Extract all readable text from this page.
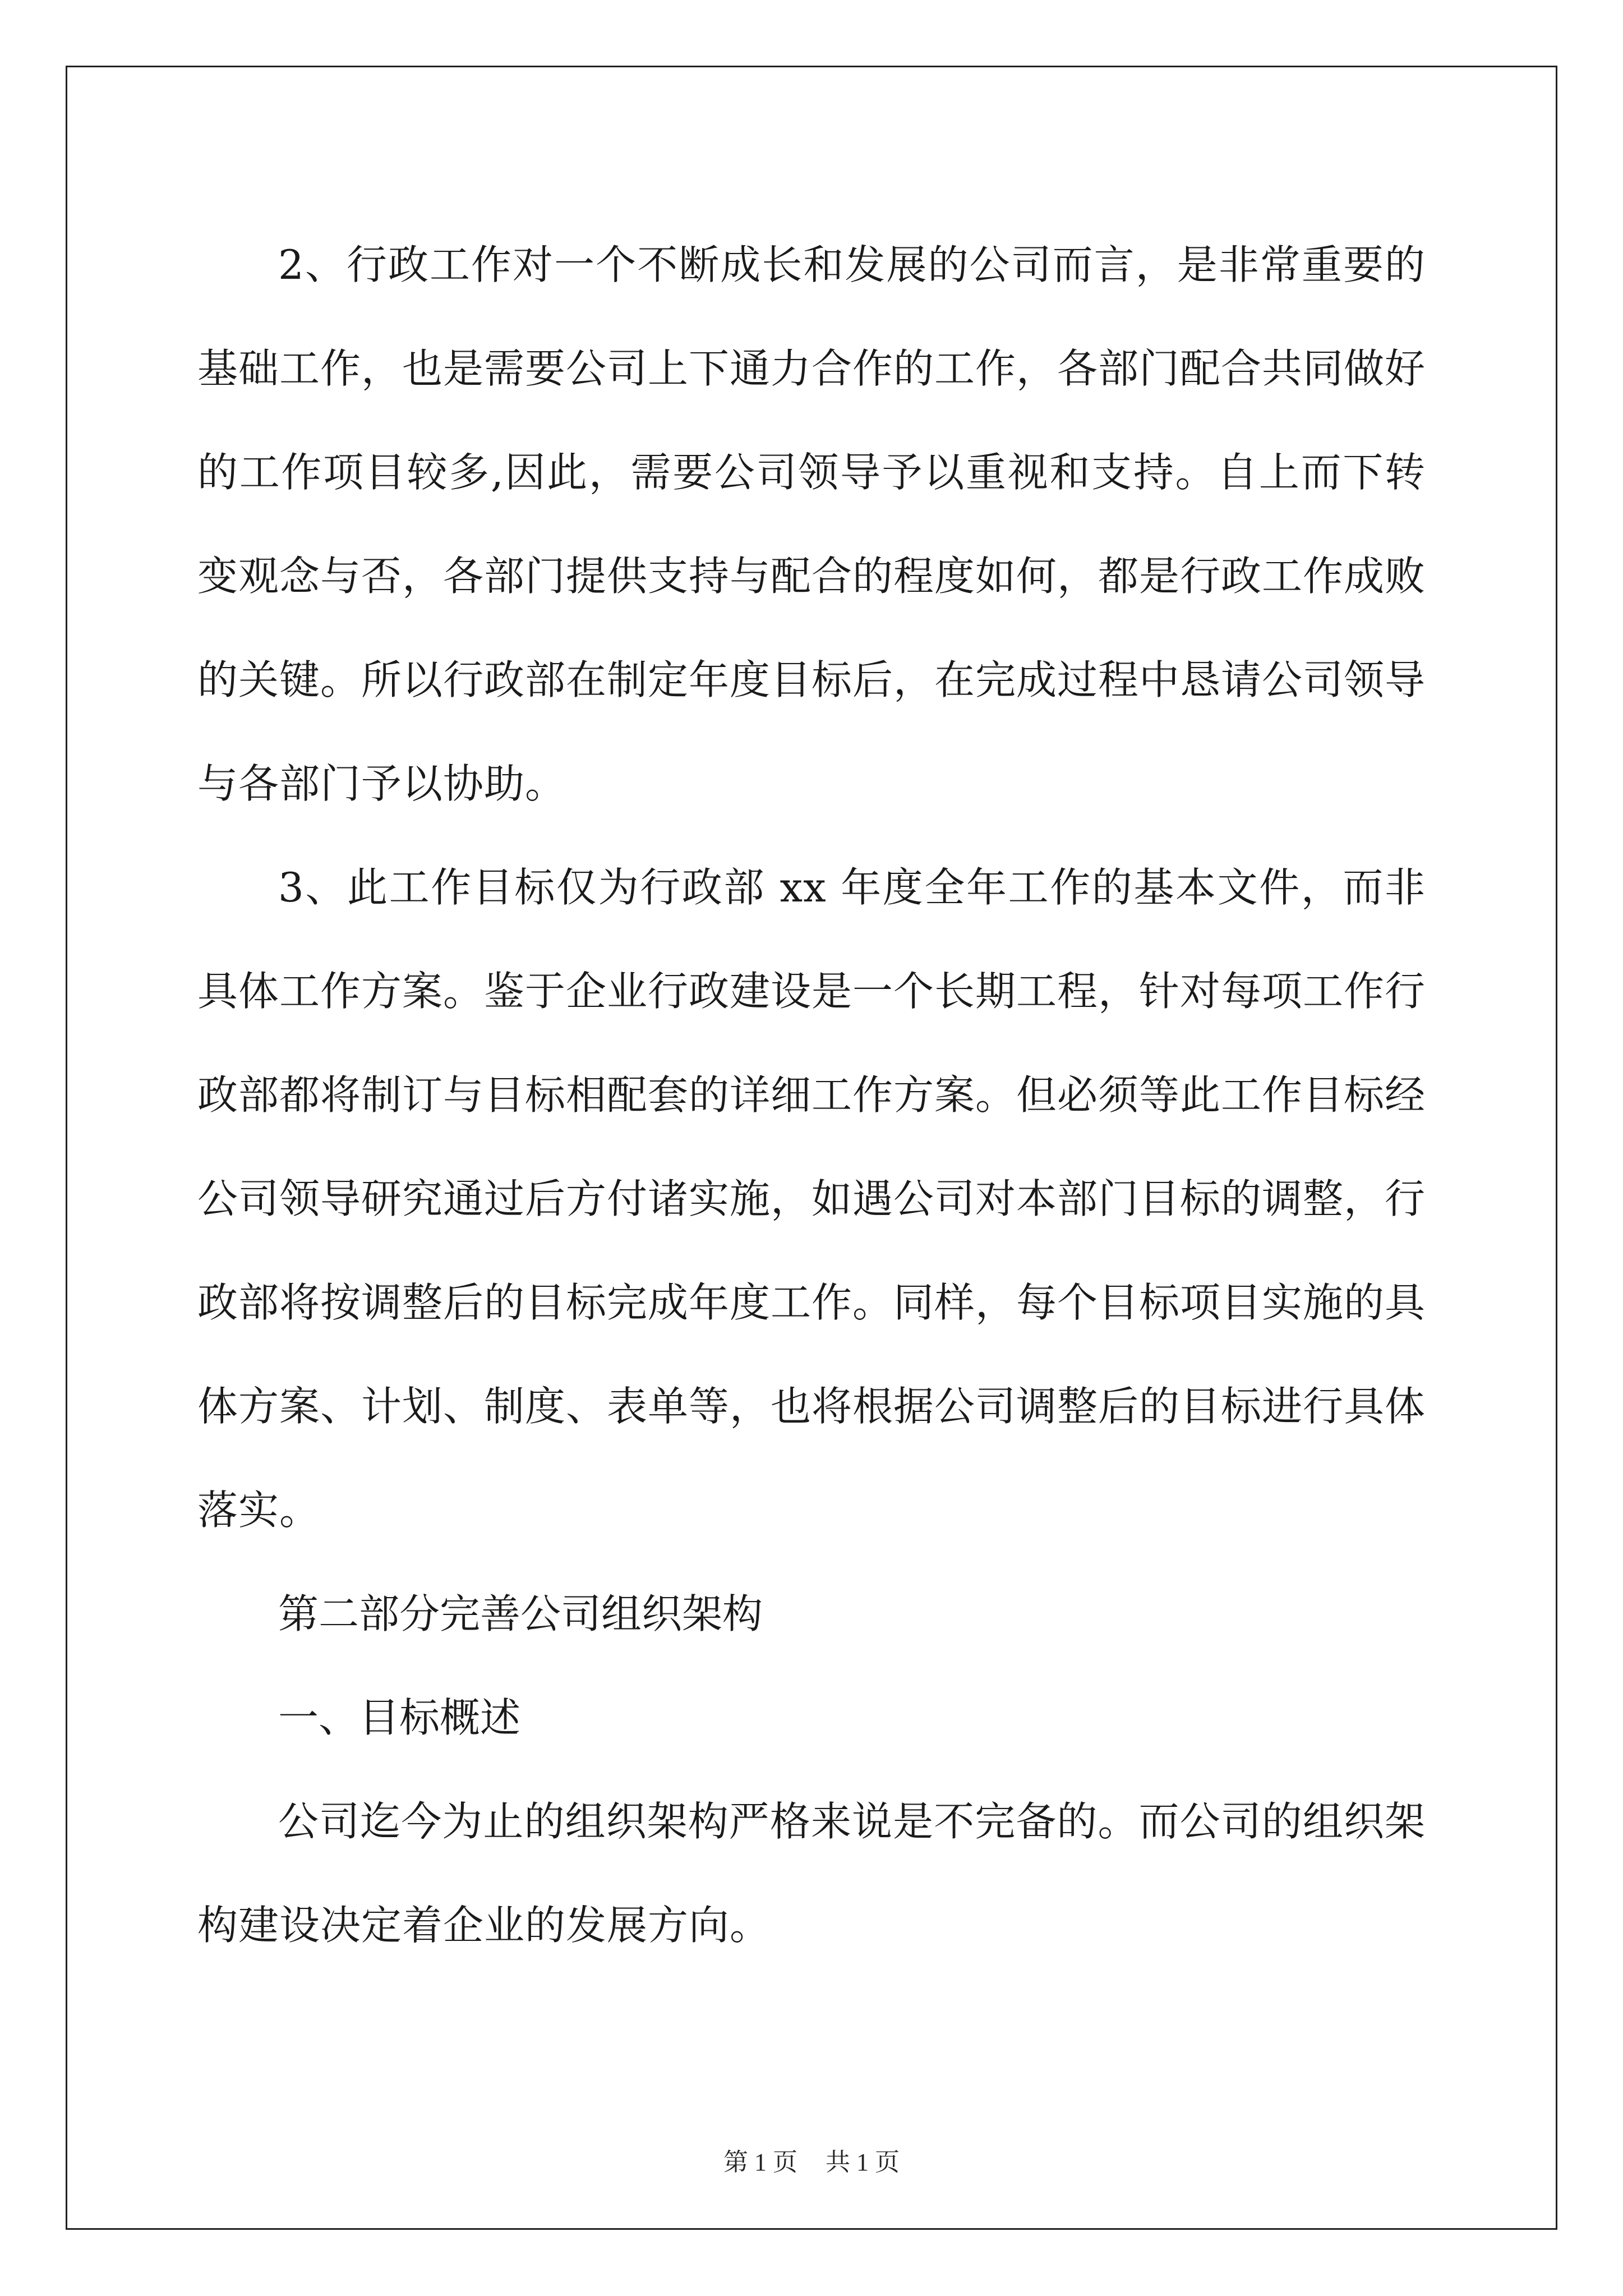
2、行政工作对一个不断成长和发展的公司而言，是非常重要的基础工作，也是需要公司上下通力合作的工作，各部门配合共同做好的工作项目较多,因此，需要公司领导予以重视和支持。自上而下转变观念与否，各部门提供支持与配合的程度如何，都是行政工作成败的关键。所以行政部在制定年度目标后，在完成过程中恳请公司领导与各部门予以协助。

3、此工作目标仅为行政部 xx 年度全年工作的基本文件，而非具体工作方案。鉴于企业行政建设是一个长期工程，针对每项工作行政部都将制订与目标相配套的详细工作方案。但必须等此工作目标经公司领导研究通过后方付诸实施，如遇公司对本部门目标的调整，行政部将按调整后的目标完成年度工作。同样，每个目标项目实施的具体方案、计划、制度、表单等，也将根据公司调整后的目标进行具体落实。

第二部分完善公司组织架构

一、目标概述

公司迄今为止的组织架构严格来说是不完备的。而公司的组织架构建设决定着企业的发展方向。

第 1 页 共 1 页
